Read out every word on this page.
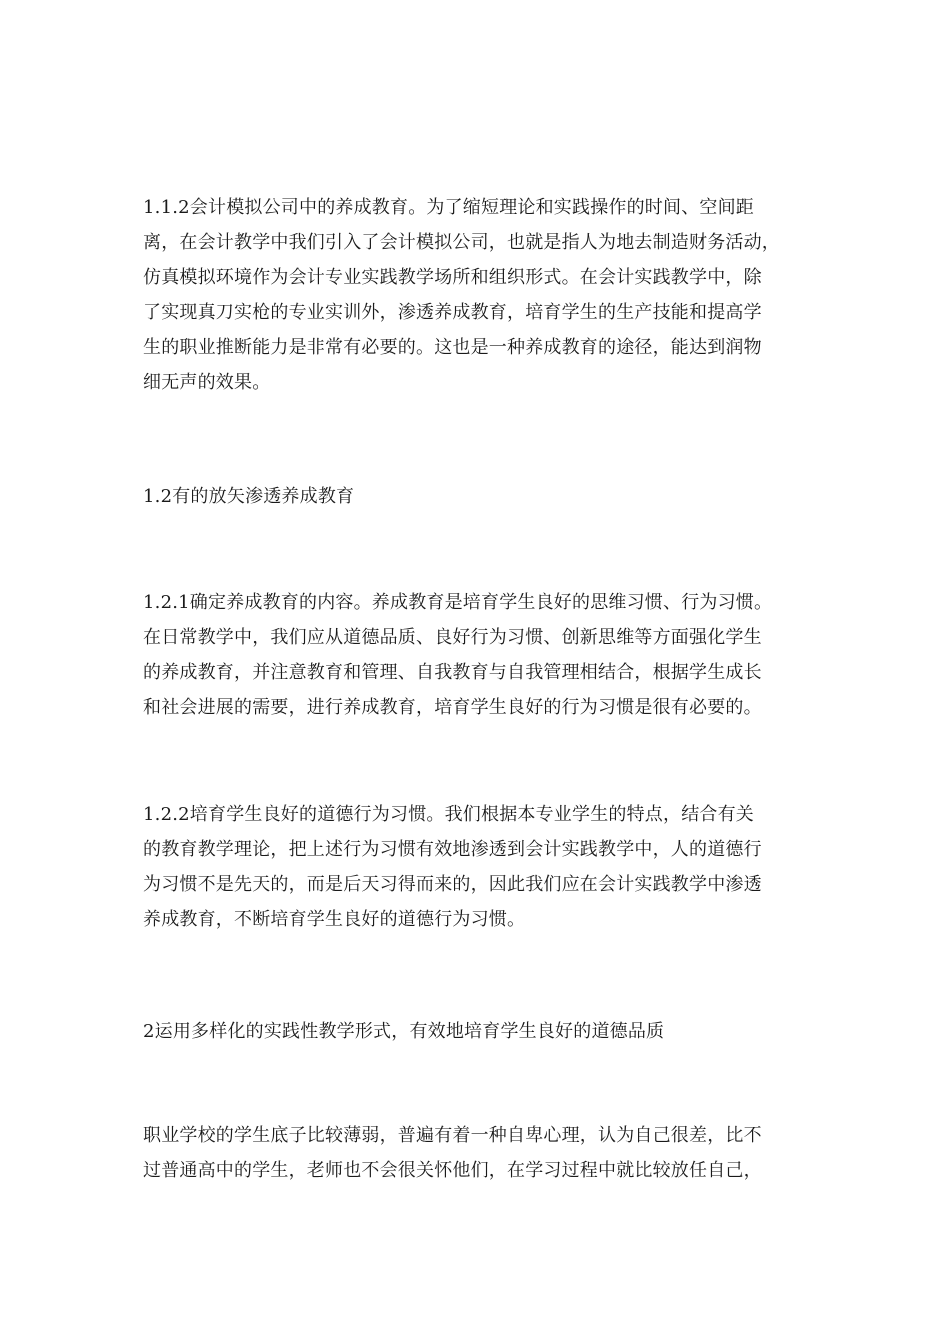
1.1.2会计模拟公司中的养成教育。为了缩短理论和实践操作的时间、空间距
离，在会计教学中我们引入了会计模拟公司，也就是指人为地去制造财务活动，
仿真模拟环境作为会计专业实践教学场所和组织形式。在会计实践教学中，除
了实现真刀实枪的专业实训外，渗透养成教育，培育学生的生产技能和提高学
生的职业推断能力是非常有必要的。这也是一种养成教育的途径，能达到润物
细无声的效果。

1.2有的放矢渗透养成教育

1.2.1确定养成教育的内容。养成教育是培育学生良好的思维习惯、行为习惯。
在日常教学中，我们应从道德品质、良好行为习惯、创新思维等方面强化学生
的养成教育，并注意教育和管理、自我教育与自我管理相结合，根据学生成长
和社会进展的需要，进行养成教育，培育学生良好的行为习惯是很有必要的。

1.2.2培育学生良好的道德行为习惯。我们根据本专业学生的特点，结合有关
的教育教学理论，把上述行为习惯有效地渗透到会计实践教学中，人的道德行
为习惯不是先天的，而是后天习得而来的，因此我们应在会计实践教学中渗透
养成教育，不断培育学生良好的道德行为习惯。

2运用多样化的实践性教学形式，有效地培育学生良好的道德品质

职业学校的学生底子比较薄弱，普遍有着一种自卑心理，认为自己很差，比不
过普通高中的学生，老师也不会很关怀他们，在学习过程中就比较放任自己，
